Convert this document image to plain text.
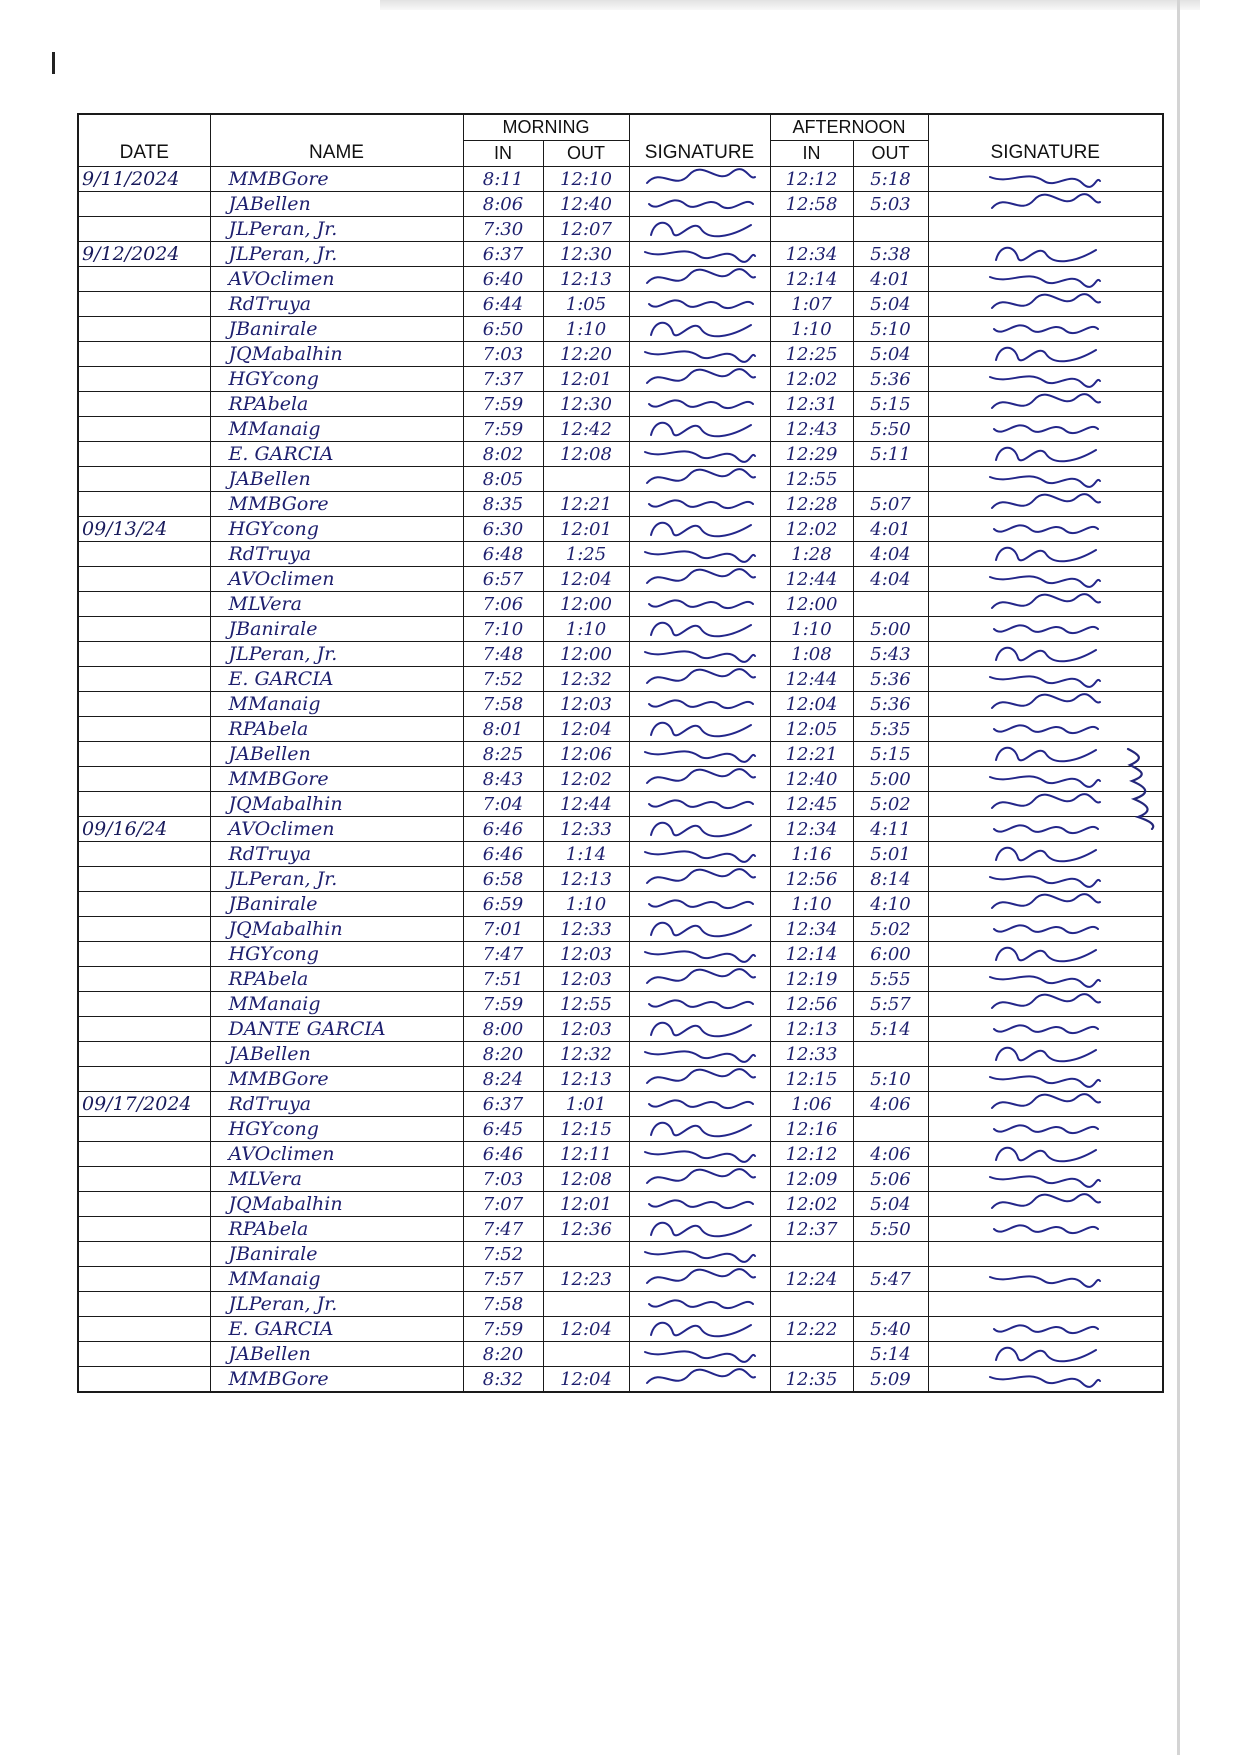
DATE	NAME	MORNING		SIGNATURE	AFTERNOON		SIGNATURE
		IN	OUT		IN	OUT	
9/11/2024	MMBGore	8:11	12:10		12:12	5:18	

	JABellen	8:06	12:40		12:58	5:03	

	JLPeran, Jr.	7:30	12:07	

9/12/2024	JLPeran, Jr.	6:37	12:30		12:34	5:38	

	AVOclimen	6:40	12:13		12:14	4:01	

	RdTruya	6:44	1:05		1:07	5:04	

	JBanirale	6:50	1:10		1:10	5:10	

	JQMabalhin	7:03	12:20		12:25	5:04	

	HGYcong	7:37	12:01		12:02	5:36	

	RPAbela	7:59	12:30		12:31	5:15	

	MManaig	7:59	12:42		12:43	5:50	

	E. GARCIA	8:02	12:08		12:29	5:11	

	JABellen	8:05			12:55		

	MMBGore	8:35	12:21		12:28	5:07	

09/13/24	HGYcong	6:30	12:01		12:02	4:01	

	RdTruya	6:48	1:25		1:28	4:04	

	AVOclimen	6:57	12:04		12:44	4:04	

	MLVera	7:06	12:00		12:00		

	JBanirale	7:10	1:10		1:10	5:00	

	JLPeran, Jr.	7:48	12:00		1:08	5:43	

	E. GARCIA	7:52	12:32		12:44	5:36	

	MManaig	7:58	12:03		12:04	5:36	

	RPAbela	8:01	12:04		12:05	5:35	

	JABellen	8:25	12:06		12:21	5:15	

	MMBGore	8:43	12:02		12:40	5:00	

	JQMabalhin	7:04	12:44		12:45	5:02	

09/16/24	AVOclimen	6:46	12:33		12:34	4:11	

	RdTruya	6:46	1:14		1:16	5:01	

	JLPeran, Jr.	6:58	12:13		12:56	8:14	

	JBanirale	6:59	1:10		1:10	4:10	

	JQMabalhin	7:01	12:33		12:34	5:02	

	HGYcong	7:47	12:03		12:14	6:00	

	RPAbela	7:51	12:03		12:19	5:55	

	MManaig	7:59	12:55		12:56	5:57	

	DANTE GARCIA	8:00	12:03		12:13	5:14	

	JABellen	8:20	12:32		12:33		

	MMBGore	8:24	12:13		12:15	5:10	

09/17/2024	RdTruya	6:37	1:01		1:06	4:06	

	HGYcong	6:45	12:15		12:16		

	AVOclimen	6:46	12:11		12:12	4:06	

	MLVera	7:03	12:08		12:09	5:06	

	JQMabalhin	7:07	12:01		12:02	5:04	

	RPAbela	7:47	12:36		12:37	5:50	

	JBanirale	7:52		

	MManaig	7:57	12:23		12:24	5:47	

	JLPeran, Jr.	7:58		

	E. GARCIA	7:59	12:04		12:22	5:40	

	JABellen	8:20				5:14	

	MMBGore	8:32	12:04		12:35	5:09	
